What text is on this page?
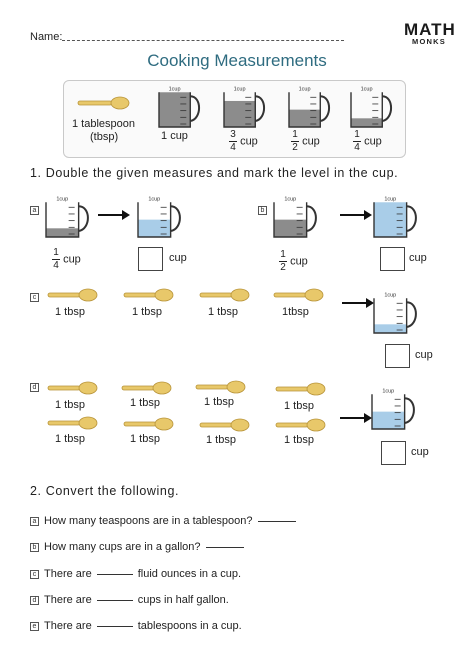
Name:	MATH
MONKS
Cooking Measurements
1 tablespoon
(tbsp)
1cup	1cup	1cup	1cup
1 cup	$\frac{3}{4}$ cup	$\frac{1}{2}$ cup	$\frac{1}{4}$ cup
1. Double the given measures and mark the level in the cup.
a
1cup	1cup
$\frac{1}{4}$ cup	cup
b
1cup	1cup
$\frac{1}{2}$ cup	cup
c
1 tbsp	1 tbsp	1 tbsp	1tbsp
1cup
cup
d
1 tbsp	1 tbsp	1 tbsp	1 tbsp
1 tbsp	1 tbsp	1 tbsp	1 tbsp
1cup
cup
2. Convert the following.
a How many teaspoons are in a tablespoon?
b How many cups are in a gallon?
c There are	fluid ounces in a cup.
d There are	cups in half gallon.
e There are	tablespoons in a cup.
